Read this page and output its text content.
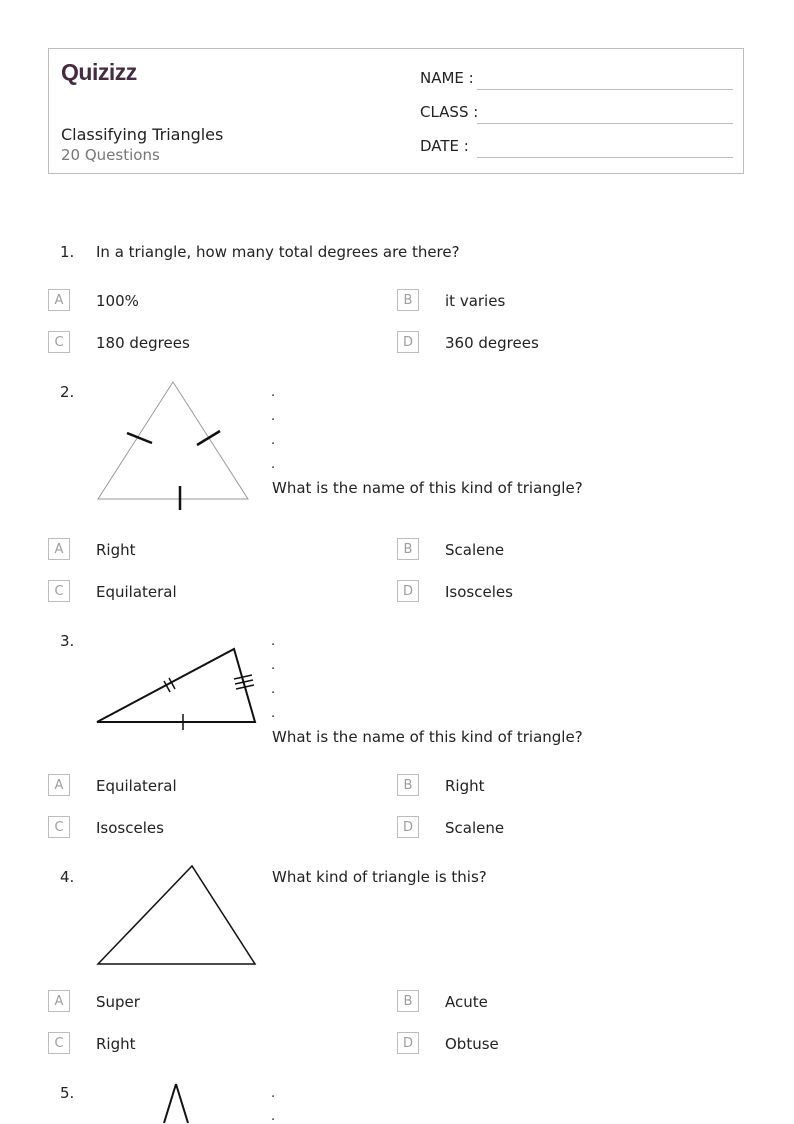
Quizizz
Classifying Triangles
20 Questions
NAME :
CLASS :
DATE :
1. In a triangle, how many total degrees are there?
A	100%	B	it varies
C	180 degrees	D	360 degrees
2.	.
.
.
.
What is the name of this kind of triangle?
A	Right	B	Scalene
C	Equilateral	D	Isosceles
3.	.
.
.
.
What is the name of this kind of triangle?
A	Equilateral	B	Right
C	Isosceles	D	Scalene
4.	What kind of triangle is this?
A	Super	B	Acute
C	Right	D	Obtuse
5.	.
.
